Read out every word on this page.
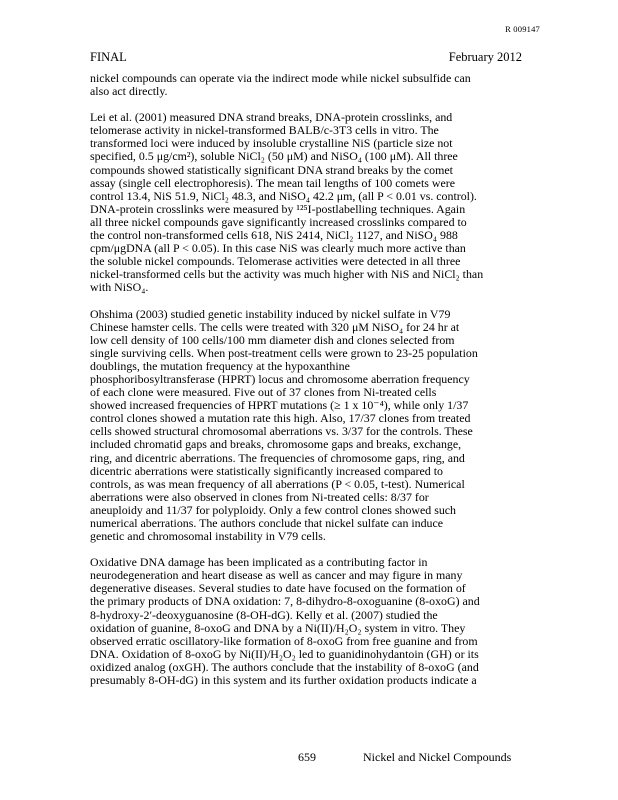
R 009147
FINAL	February 2012
nickel compounds can operate via the indirect mode while nickel subsulfide can
also act directly.
Lei et al. (2001) measured DNA strand breaks, DNA-protein crosslinks, and
telomerase activity in nickel-transformed BALB/c-3T3 cells in vitro. The
transformed loci were induced by insoluble crystalline NiS (particle size not
specified, 0.5 μg/cm²), soluble NiCl₂ (50 μM) and NiSO₄ (100 μM). All three
compounds showed statistically significant DNA strand breaks by the comet
assay (single cell electrophoresis). The mean tail lengths of 100 comets were
control 13.4, NiS 51.9, NiCl₂ 48.3, and NiSO₄ 42.2 μm, (all P < 0.01 vs. control).
DNA-protein crosslinks were measured by ¹²⁵I-postlabelling techniques. Again
all three nickel compounds gave significantly increased crosslinks compared to
the control non-transformed cells 618, NiS 2414, NiCl₂ 1127, and NiSO₄ 988
cpm/μgDNA (all P < 0.05). In this case NiS was clearly much more active than
the soluble nickel compounds. Telomerase activities were detected in all three
nickel-transformed cells but the activity was much higher with NiS and NiCl₂ than
with NiSO₄.
Ohshima (2003) studied genetic instability induced by nickel sulfate in V79
Chinese hamster cells. The cells were treated with 320 μM NiSO₄ for 24 hr at
low cell density of 100 cells/100 mm diameter dish and clones selected from
single surviving cells. When post-treatment cells were grown to 23-25 population
doublings, the mutation frequency at the hypoxanthine
phosphoribosyltransferase (HPRT) locus and chromosome aberration frequency
of each clone were measured. Five out of 37 clones from Ni-treated cells
showed increased frequencies of HPRT mutations (≥ 1 x 10⁻⁴), while only 1/37
control clones showed a mutation rate this high. Also, 17/37 clones from treated
cells showed structural chromosomal aberrations vs. 3/37 for the controls. These
included chromatid gaps and breaks, chromosome gaps and breaks, exchange,
ring, and dicentric aberrations. The frequencies of chromosome gaps, ring, and
dicentric aberrations were statistically significantly increased compared to
controls, as was mean frequency of all aberrations (P < 0.05, t-test). Numerical
aberrations were also observed in clones from Ni-treated cells: 8/37 for
aneuploidy and 11/37 for polyploidy. Only a few control clones showed such
numerical aberrations. The authors conclude that nickel sulfate can induce
genetic and chromosomal instability in V79 cells.
Oxidative DNA damage has been implicated as a contributing factor in
neurodegeneration and heart disease as well as cancer and may figure in many
degenerative diseases. Several studies to date have focused on the formation of
the primary products of DNA oxidation: 7, 8-dihydro-8-oxoguanine (8-oxoG) and
8-hydroxy-2′-deoxyguanosine (8-OH-dG). Kelly et al. (2007) studied the
oxidation of guanine, 8-oxoG and DNA by a Ni(II)/H₂O₂ system in vitro. They
observed erratic oscillatory-like formation of 8-oxoG from free guanine and from
DNA. Oxidation of 8-oxoG by Ni(II)/H₂O₂ led to guanidinohydantoin (GH) or its
oxidized analog (oxGH). The authors conclude that the instability of 8-oxoG (and
presumably 8-OH-dG) in this system and its further oxidation products indicate a
659	Nickel and Nickel Compounds
